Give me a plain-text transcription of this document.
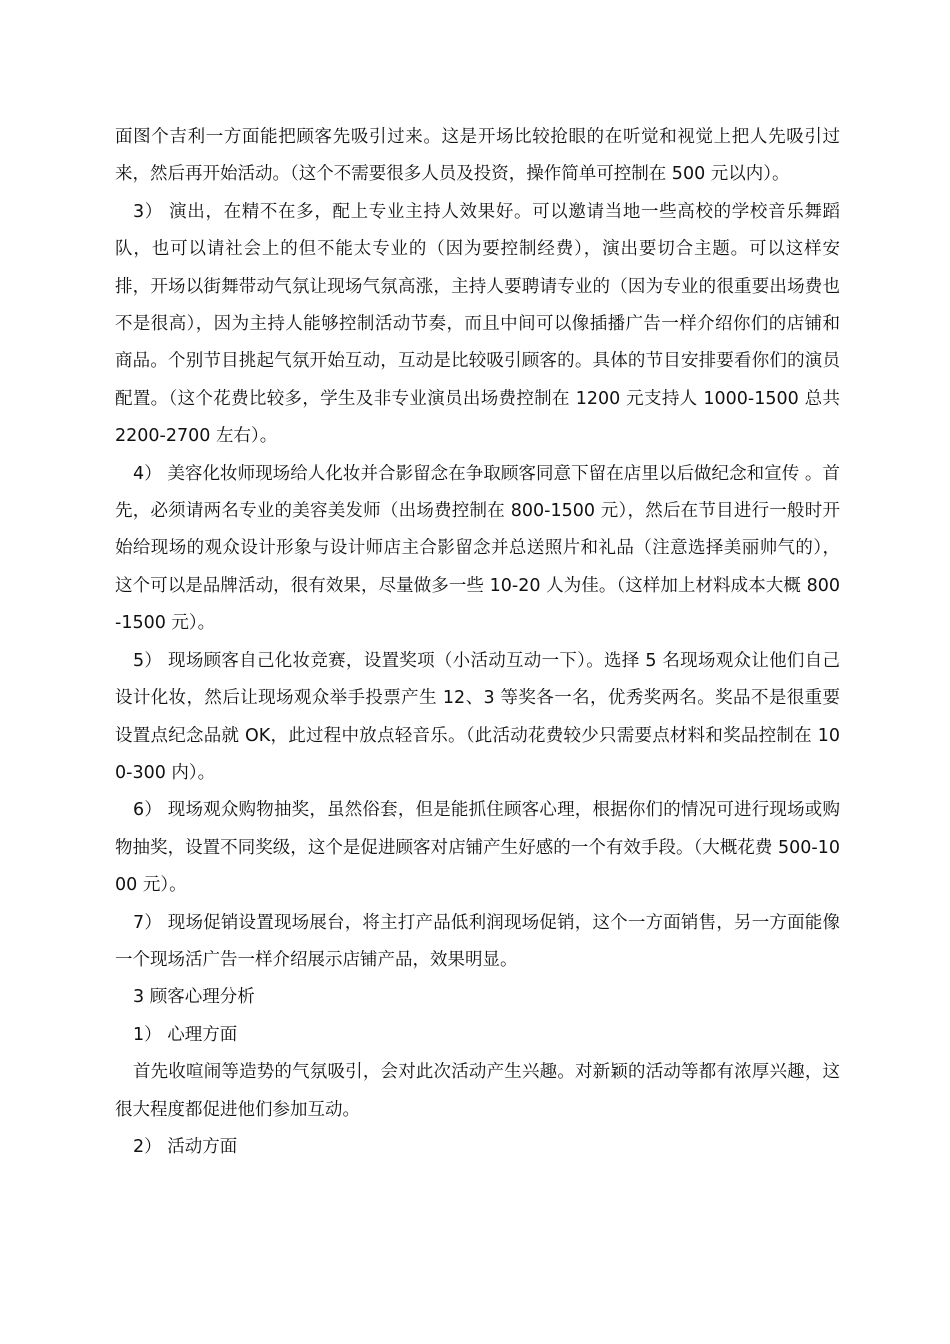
面图个吉利一方面能把顾客先吸引过来。这是开场比较抢眼的在听觉和视觉上把人先吸引过来，然后再开始活动。（这个不需要很多人员及投资，操作简单可控制在 500 元以内）。

3） 演出，在精不在多，配上专业主持人效果好。可以邀请当地一些高校的学校音乐舞蹈队，也可以请社会上的但不能太专业的（因为要控制经费），演出要切合主题。可以这样安排，开场以街舞带动气氛让现场气氛高涨，主持人要聘请专业的（因为专业的很重要出场费也不是很高），因为主持人能够控制活动节奏，而且中间可以像插播广告一样介绍你们的店铺和商品。个别节目挑起气氛开始互动，互动是比较吸引顾客的。具体的节目安排要看你们的演员配置。（这个花费比较多，学生及非专业演员出场费控制在 1200 元支持人 1000-1500 总共 2200-2700 左右）。

4） 美容化妆师现场给人化妆并合影留念在争取顾客同意下留在店里以后做纪念和宣传 。首先，必须请两名专业的美容美发师（出场费控制在 800-1500 元），然后在节目进行一般时开始给现场的观众设计形象与设计师店主合影留念并总送照片和礼品（注意选择美丽帅气的），这个可以是品牌活动，很有效果，尽量做多一些 10-20 人为佳。（这样加上材料成本大概 800-1500 元）。

5） 现场顾客自己化妆竞赛，设置奖项（小活动互动一下）。选择 5 名现场观众让他们自己设计化妆，然后让现场观众举手投票产生 12、3 等奖各一名，优秀奖两名。奖品不是很重要设置点纪念品就 OK，此过程中放点轻音乐。（此活动花费较少只需要点材料和奖品控制在 100-300 内）。

6） 现场观众购物抽奖，虽然俗套，但是能抓住顾客心理，根据你们的情况可进行现场或购物抽奖，设置不同奖级，这个是促进顾客对店铺产生好感的一个有效手段。（大概花费 500-1000 元）。

7） 现场促销设置现场展台，将主打产品低利润现场促销，这个一方面销售，另一方面能像一个现场活广告一样介绍展示店铺产品，效果明显。

3 顾客心理分析

1） 心理方面

首先收喧闹等造势的气氛吸引，会对此次活动产生兴趣。对新颖的活动等都有浓厚兴趣，这很大程度都促进他们参加互动。

2） 活动方面
